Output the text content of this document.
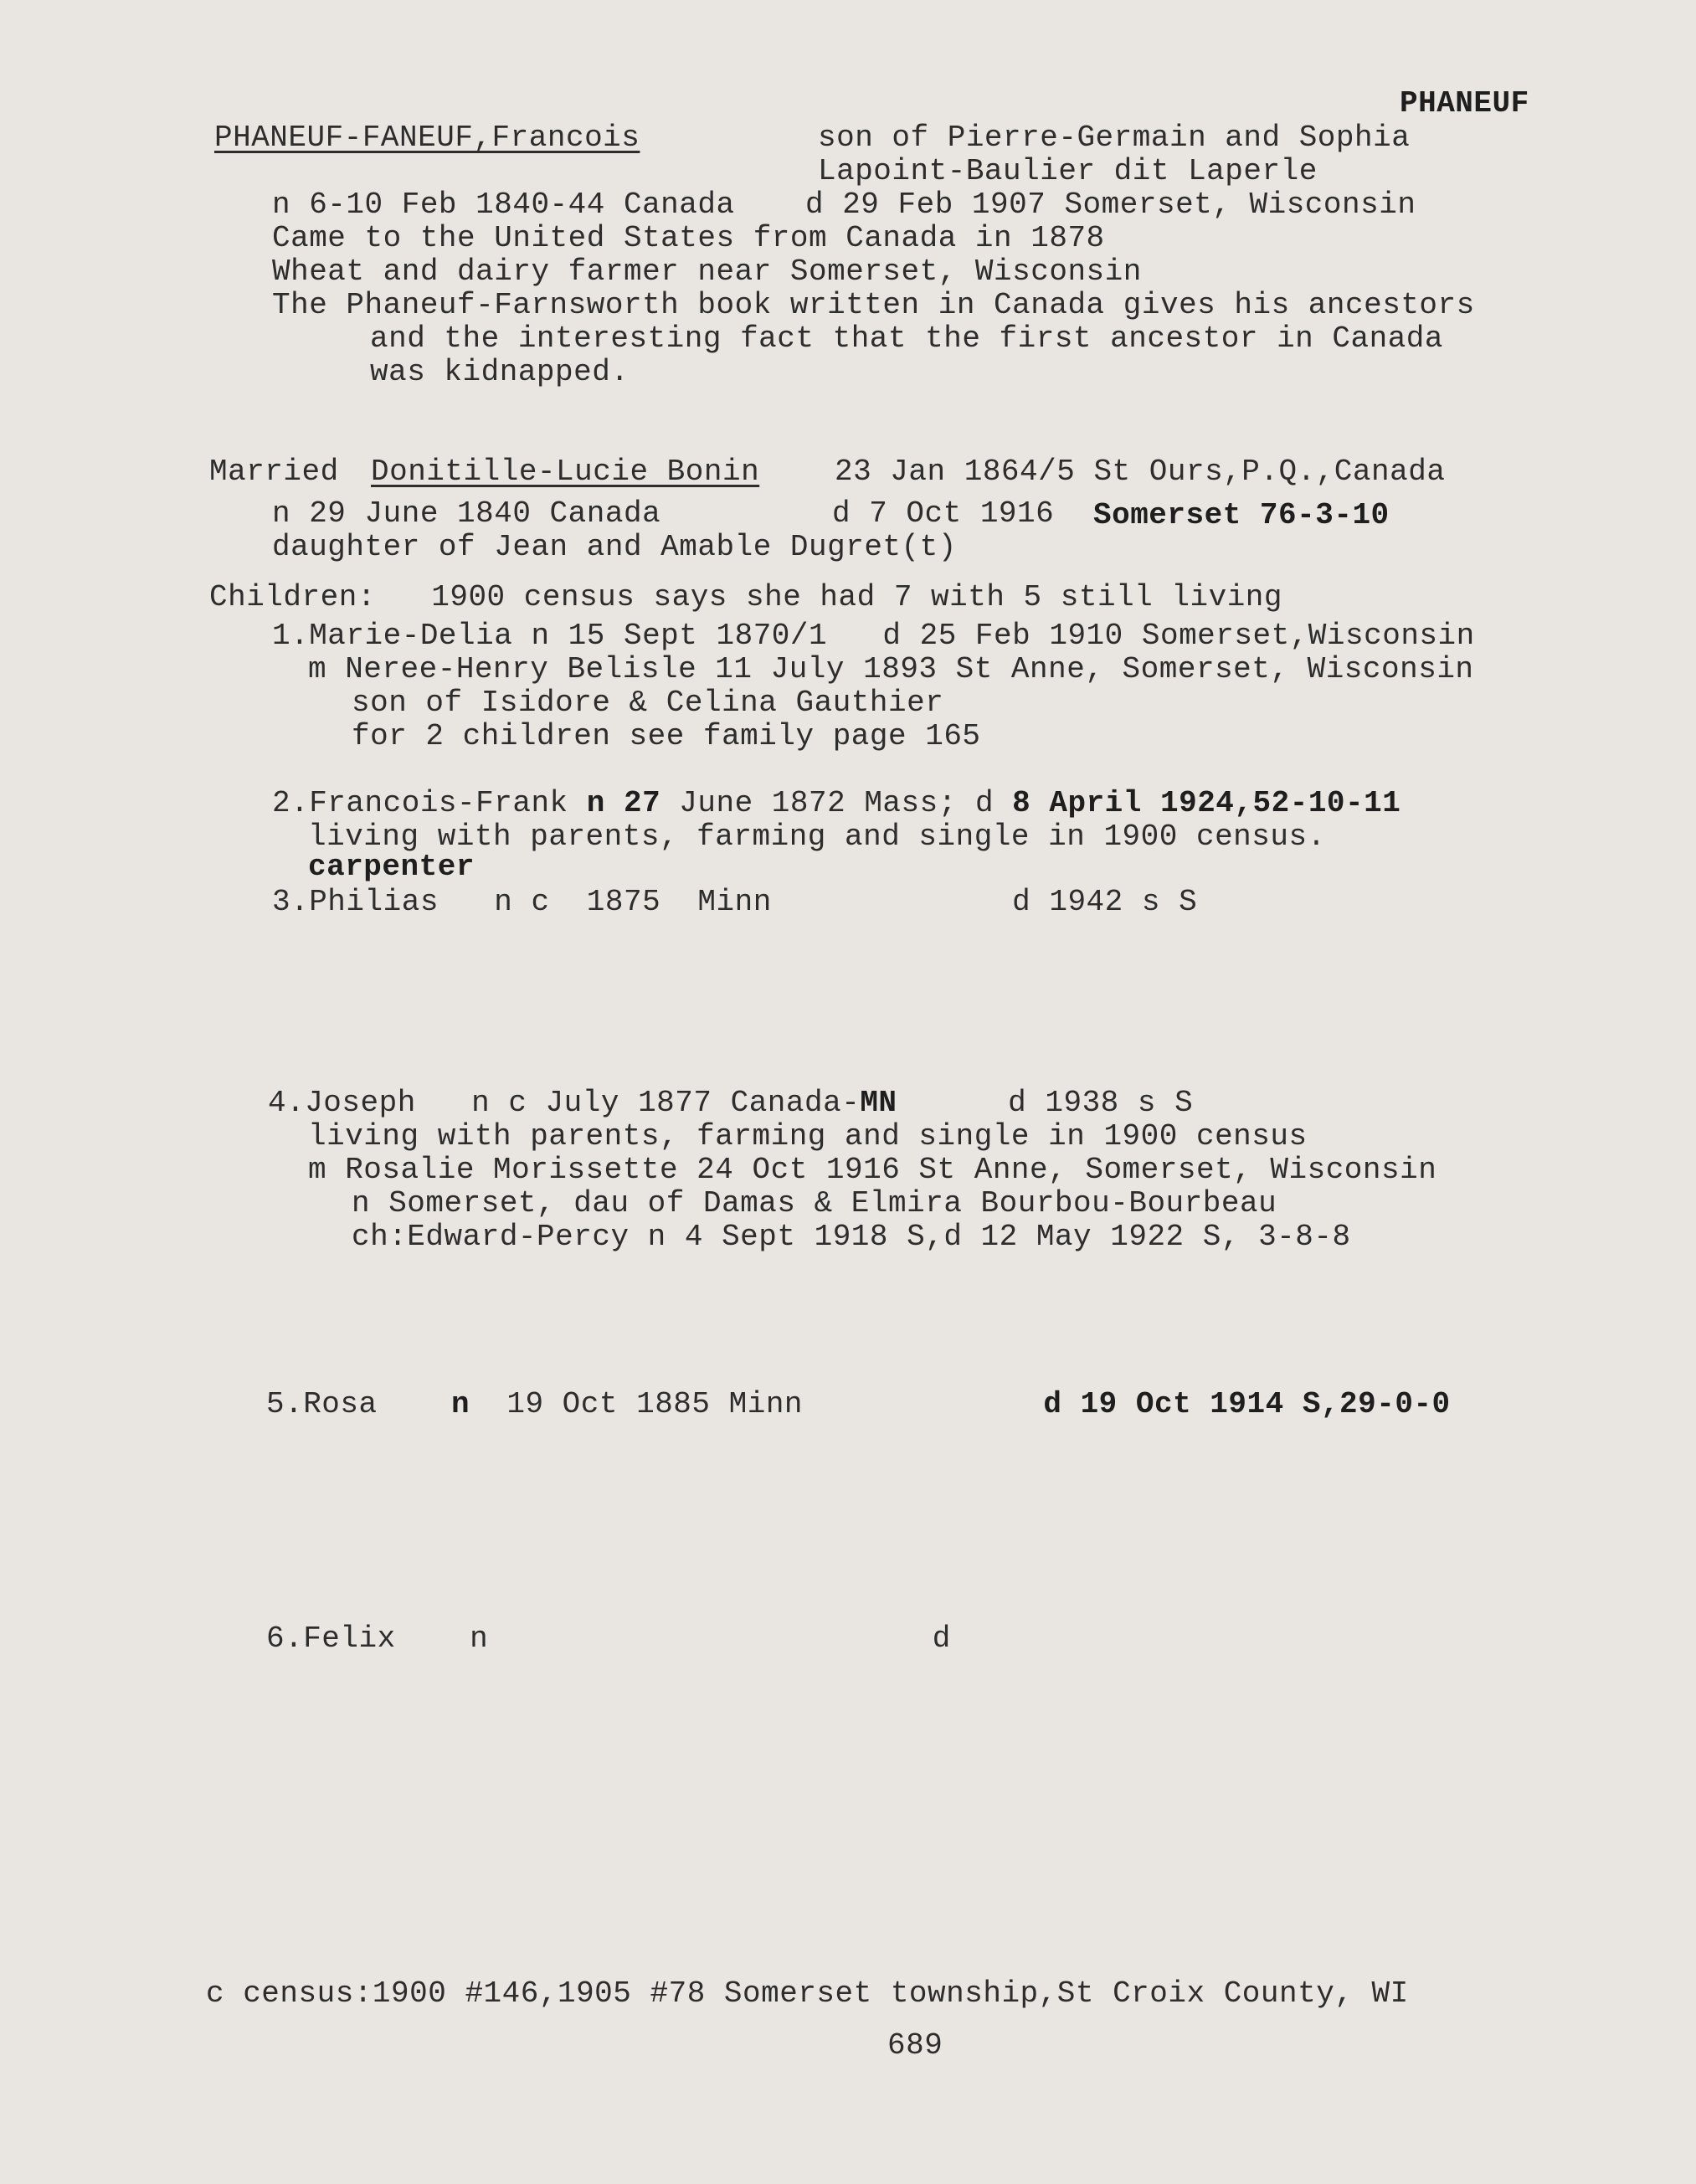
PHANEUF
PHANEUF-FANEUF,Francois	son of Pierre-Germain and Sophia
Lapoint-Baulier dit Laperle
n 6-10 Feb 1840-44 Canada d 29 Feb 1907 Somerset, Wisconsin
Came to the United States from Canada in 1878
Wheat and dairy farmer near Somerset, Wisconsin
The Phaneuf-Farnsworth book written in Canada gives his ancestors
and the interesting fact that the first ancestor in Canada
was kidnapped.
Married Donitille-Lucie Bonin 23 Jan 1864/5 St Ours,P.Q.,Canada
n 29 June 1840 Canada	d 7 Oct 1916 Somerset 76-3-10
daughter of Jean and Amable Dugret(t)
Children:   1900 census says she had 7 with 5 still living
1.Marie-Delia n 15 Sept 1870/1   d 25 Feb 1910 Somerset,Wisconsin
m Neree-Henry Belisle 11 July 1893 St Anne, Somerset, Wisconsin
son of Isidore & Celina Gauthier
for 2 children see family page 165
2.Francois-Frank n 27 June 1872 Mass; d 8 April 1924,52-10-11
living with parents, farming and single in 1900 census.
carpenter
3.Philias   n c  1875  Minn             d 1942 s S
4.Joseph   n c July 1877 Canada-MN      d 1938 s S
living with parents, farming and single in 1900 census
m Rosalie Morissette 24 Oct 1916 St Anne, Somerset, Wisconsin
n Somerset, dau of Damas & Elmira Bourbou-Bourbeau
ch:Edward-Percy n 4 Sept 1918 S,d 12 May 1922 S, 3-8-8
5.Rosa    n  19 Oct 1885 Minn             d 19 Oct 1914 S,29-0-0
6.Felix    n                        d
c census:1900 #146,1905 #78 Somerset township,St Croix County, WI
689
